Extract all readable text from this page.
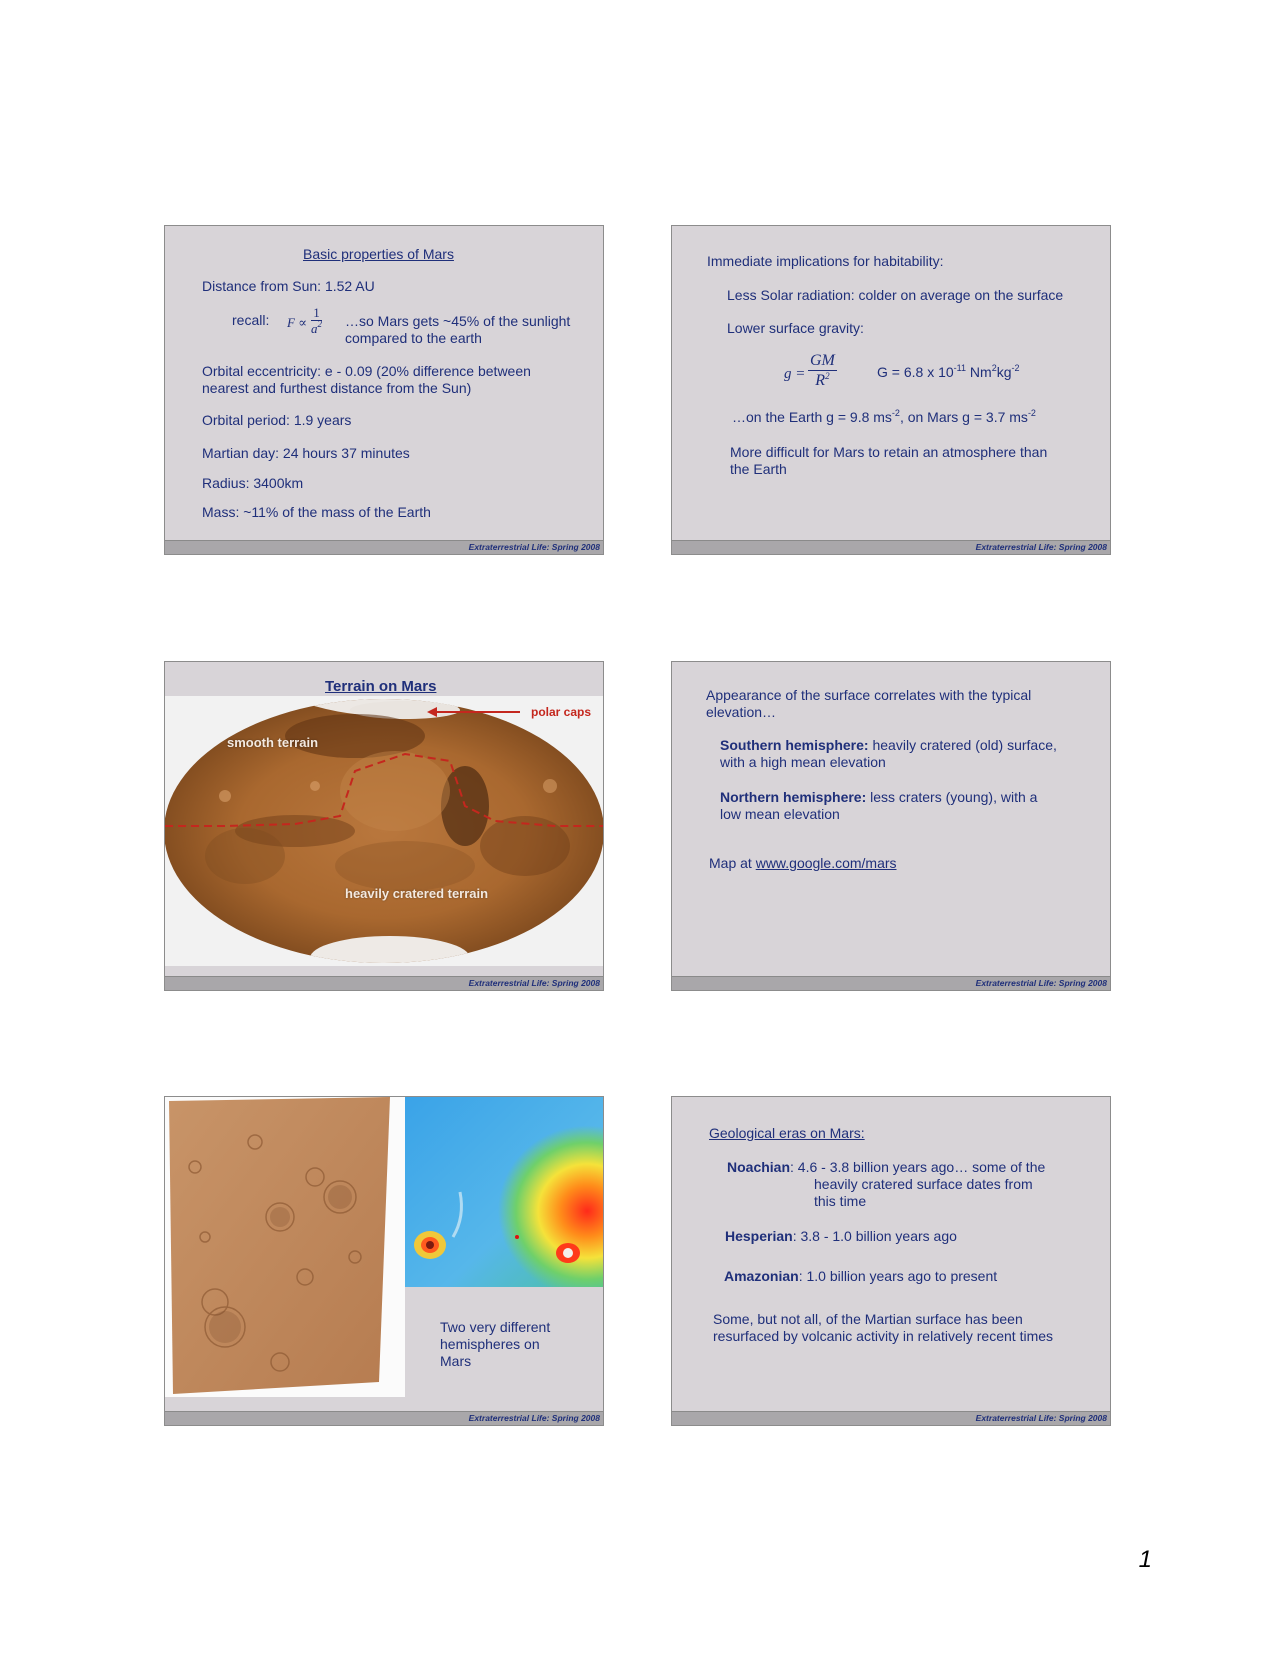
Basic properties of Mars
Distance from Sun: 1.52 AU
recall: $F \propto \frac{1}{a^2}$ …so Mars gets ~45% of the sunlight
compared to the earth
Orbital eccentricity: e - 0.09 (20% difference between
nearest and furthest distance from the Sun)
Orbital period: 1.9 years
Martian day: 24 hours 37 minutes
Radius: 3400km
Mass: ~11% of the mass of the Earth
Extraterrestrial Life: Spring 2008
Immediate implications for habitability:
Less Solar radiation: colder on average on the surface
Lower surface gravity:
$g = \frac{GM}{R^2}$	G = 6.8 x $10^{-11}$ $Nm^2kg^{-2}$
…on the Earth g = 9.8 $ms^{-2}$, on Mars g = 3.7 $ms^{-2}$
More difficult for Mars to retain an atmosphere than
the Earth
Extraterrestrial Life: Spring 2008
Terrain on Mars
polar caps
smooth terrain
heavily cratered terrain
Extraterrestrial Life: Spring 2008
Appearance of the surface correlates with the typical
elevation…
Southern hemisphere: heavily cratered (old) surface,
with a high mean elevation
Northern hemisphere: less craters (young), with a
low mean elevation
Map at www.google.com/mars
Extraterrestrial Life: Spring 2008
Two very different
hemispheres on
Mars
Extraterrestrial Life: Spring 2008
Geological eras on Mars:
Noachian: 4.6 - 3.8 billion years ago… some of the
heavily cratered surface dates from
this time
Hesperian: 3.8 - 1.0 billion years ago
Amazonian: 1.0 billion years ago to present
Some, but not all, of the Martian surface has been
resurfaced by volcanic activity in relatively recent times
Extraterrestrial Life: Spring 2008
1
